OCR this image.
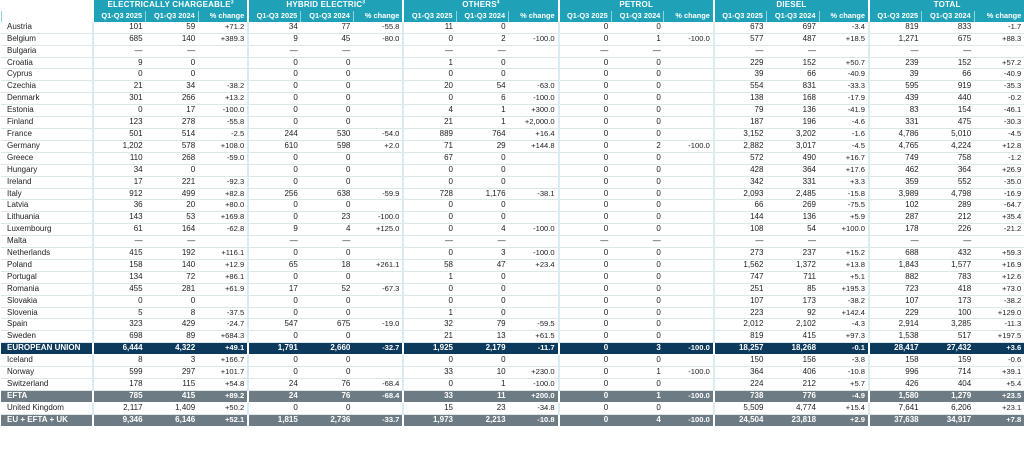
	ELECTRICALLY CHARGEABLE$^3$			HYBRID ELECTRIC$^3$			OTHERS$^4$			PETROL			DIESEL			TOTAL		
	Q1-Q3 2025	Q1-Q3 2024	% change	Q1-Q3 2025	Q1-Q3 2024	% change	Q1-Q3 2025	Q1-Q3 2024	% change	Q1-Q3 2025	Q1-Q3 2024	% change	Q1-Q3 2025	Q1-Q3 2024	% change	Q1-Q3 2025	Q1-Q3 2024	% change
Austria	101	59	+71.2	34	77	-55.8	11	0		0	0		673	697	-3.4	819	833	-1.7
Belgium	685	140	+389.3	9	45	-80.0	0	2	-100.0	0	1	-100.0	577	487	+18.5	1,271	675	+88.3
Bulgaria	—	—		—	—		—	—		—	—		—	—		—	—	
Croatia	9	0		0	0		1	0		0	0		229	152	+50.7	239	152	+57.2
Cyprus	0	0		0	0		0	0		0	0		39	66	-40.9	39	66	-40.9
Czechia	21	34	-38.2	0	0		20	54	-63.0	0	0		554	831	-33.3	595	919	-35.3
Denmark	301	266	+13.2	0	0		0	6	-100.0	0	0		138	168	-17.9	439	440	-0.2
Estonia	0	17	-100.0	0	0		4	1	+300.0	0	0		79	136	-41.9	83	154	-46.1
Finland	123	278	-55.8	0	0		21	1	+2,000.0	0	0		187	196	-4.6	331	475	-30.3
France	501	514	-2.5	244	530	-54.0	889	764	+16.4	0	0		3,152	3,202	-1.6	4,786	5,010	-4.5
Germany	1,202	578	+108.0	610	598	+2.0	71	29	+144.8	0	2	-100.0	2,882	3,017	-4.5	4,765	4,224	+12.8
Greece	110	268	-59.0	0	0		67	0		0	0		572	490	+16.7	749	758	-1.2
Hungary	34	0		0	0		0	0		0	0		428	364	+17.6	462	364	+26.9
Ireland	17	221	-92.3	0	0		0	0		0	0		342	331	+3.3	359	552	-35.0
Italy	912	499	+82.8	256	638	-59.9	728	1,176	-38.1	0	0		2,093	2,485	-15.8	3,989	4,798	-16.9
Latvia	36	20	+80.0	0	0		0	0		0	0		66	269	-75.5	102	289	-64.7
Lithuania	143	53	+169.8	0	23	-100.0	0	0		0	0		144	136	+5.9	287	212	+35.4
Luxembourg	61	164	-62.8	9	4	+125.0	0	4	-100.0	0	0		108	54	+100.0	178	226	-21.2
Malta	—	—		—	—		—	—		—	—		—	—		—	—	
Netherlands	415	192	+116.1	0	0		0	3	-100.0	0	0		273	237	+15.2	688	432	+59.3
Poland	158	140	+12.9	65	18	+261.1	58	47	+23.4	0	0		1,562	1,372	+13.8	1,843	1,577	+16.9
Portugal	134	72	+86.1	0	0		1	0		0	0		747	711	+5.1	882	783	+12.6
Romania	455	281	+61.9	17	52	-67.3	0	0		0	0		251	85	+195.3	723	418	+73.0
Slovakia	0	0		0	0		0	0		0	0		107	173	-38.2	107	173	-38.2
Slovenia	5	8	-37.5	0	0		1	0		0	0		223	92	+142.4	229	100	+129.0
Spain	323	429	-24.7	547	675	-19.0	32	79	-59.5	0	0		2,012	2,102	-4.3	2,914	3,285	-11.3
Sweden	698	89	+684.3	0	0		21	13	+61.5	0	0		819	415	+97.3	1,538	517	+197.5
EUROPEAN UNION	6,444	4,322	+49.1	1,791	2,660	-32.7	1,925	2,179	-11.7	0	3	-100.0	18,257	18,268	-0.1	28,417	27,432	+3.6
Iceland	8	3	+166.7	0	0		0	0		0	0		150	156	-3.8	158	159	-0.6
Norway	599	297	+101.7	0	0		33	10	+230.0	0	1	-100.0	364	406	-10.8	996	714	+39.1
Switzerland	178	115	+54.8	24	76	-68.4	0	1	-100.0	0	0		224	212	+5.7	426	404	+5.4
EFTA	785	415	+89.2	24	76	-68.4	33	11	+200.0	0	1	-100.0	738	776	-4.9	1,580	1,279	+23.5
United Kingdom	2,117	1,409	+50.2	0	0		15	23	-34.8	0	0		5,509	4,774	+15.4	7,641	6,206	+23.1
EU + EFTA + UK	9,346	6,146	+52.1	1,815	2,736	-33.7	1,973	2,213	-10.8	0	4	-100.0	24,504	23,818	+2.9	37,638	34,917	+7.8
